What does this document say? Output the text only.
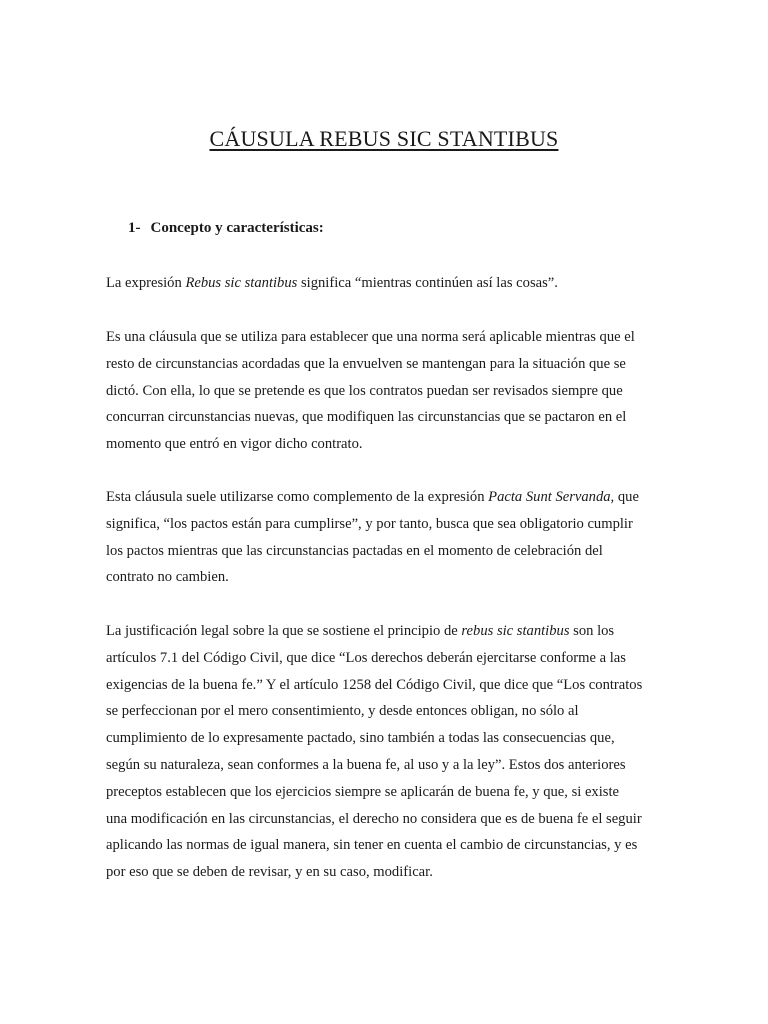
CÁUSULA REBUS SIC STANTIBUS
1- Concepto y características:

La expresión Rebus sic stantibus significa “mientras continúen así las cosas”.

Es una cláusula que se utiliza para establecer que una norma será aplicable mientras que el
resto de circunstancias acordadas que la envuelven se mantengan para la situación que se
dictó. Con ella, lo que se pretende es que los contratos puedan ser revisados siempre que
concurran circunstancias nuevas, que modifiquen las circunstancias que se pactaron en el
momento que entró en vigor dicho contrato.

Esta cláusula suele utilizarse como complemento de la expresión Pacta Sunt Servanda, que
significa, “los pactos están para cumplirse”, y por tanto, busca que sea obligatorio cumplir
los pactos mientras que las circunstancias pactadas en el momento de celebración del
contrato no cambien.

La justificación legal sobre la que se sostiene el principio de rebus sic stantibus son los
artículos 7.1 del Código Civil, que dice “Los derechos deberán ejercitarse conforme a las
exigencias de la buena fe.” Y el artículo 1258 del Código Civil, que dice que “Los contratos
se perfeccionan por el mero consentimiento, y desde entonces obligan, no sólo al
cumplimiento de lo expresamente pactado, sino también a todas las consecuencias que,
según su naturaleza, sean conformes a la buena fe, al uso y a la ley”. Estos dos anteriores
preceptos establecen que los ejercicios siempre se aplicarán de buena fe, y que, si existe
una modificación en las circunstancias, el derecho no considera que es de buena fe el seguir
aplicando las normas de igual manera, sin tener en cuenta el cambio de circunstancias, y es
por eso que se deben de revisar, y en su caso, modificar.
